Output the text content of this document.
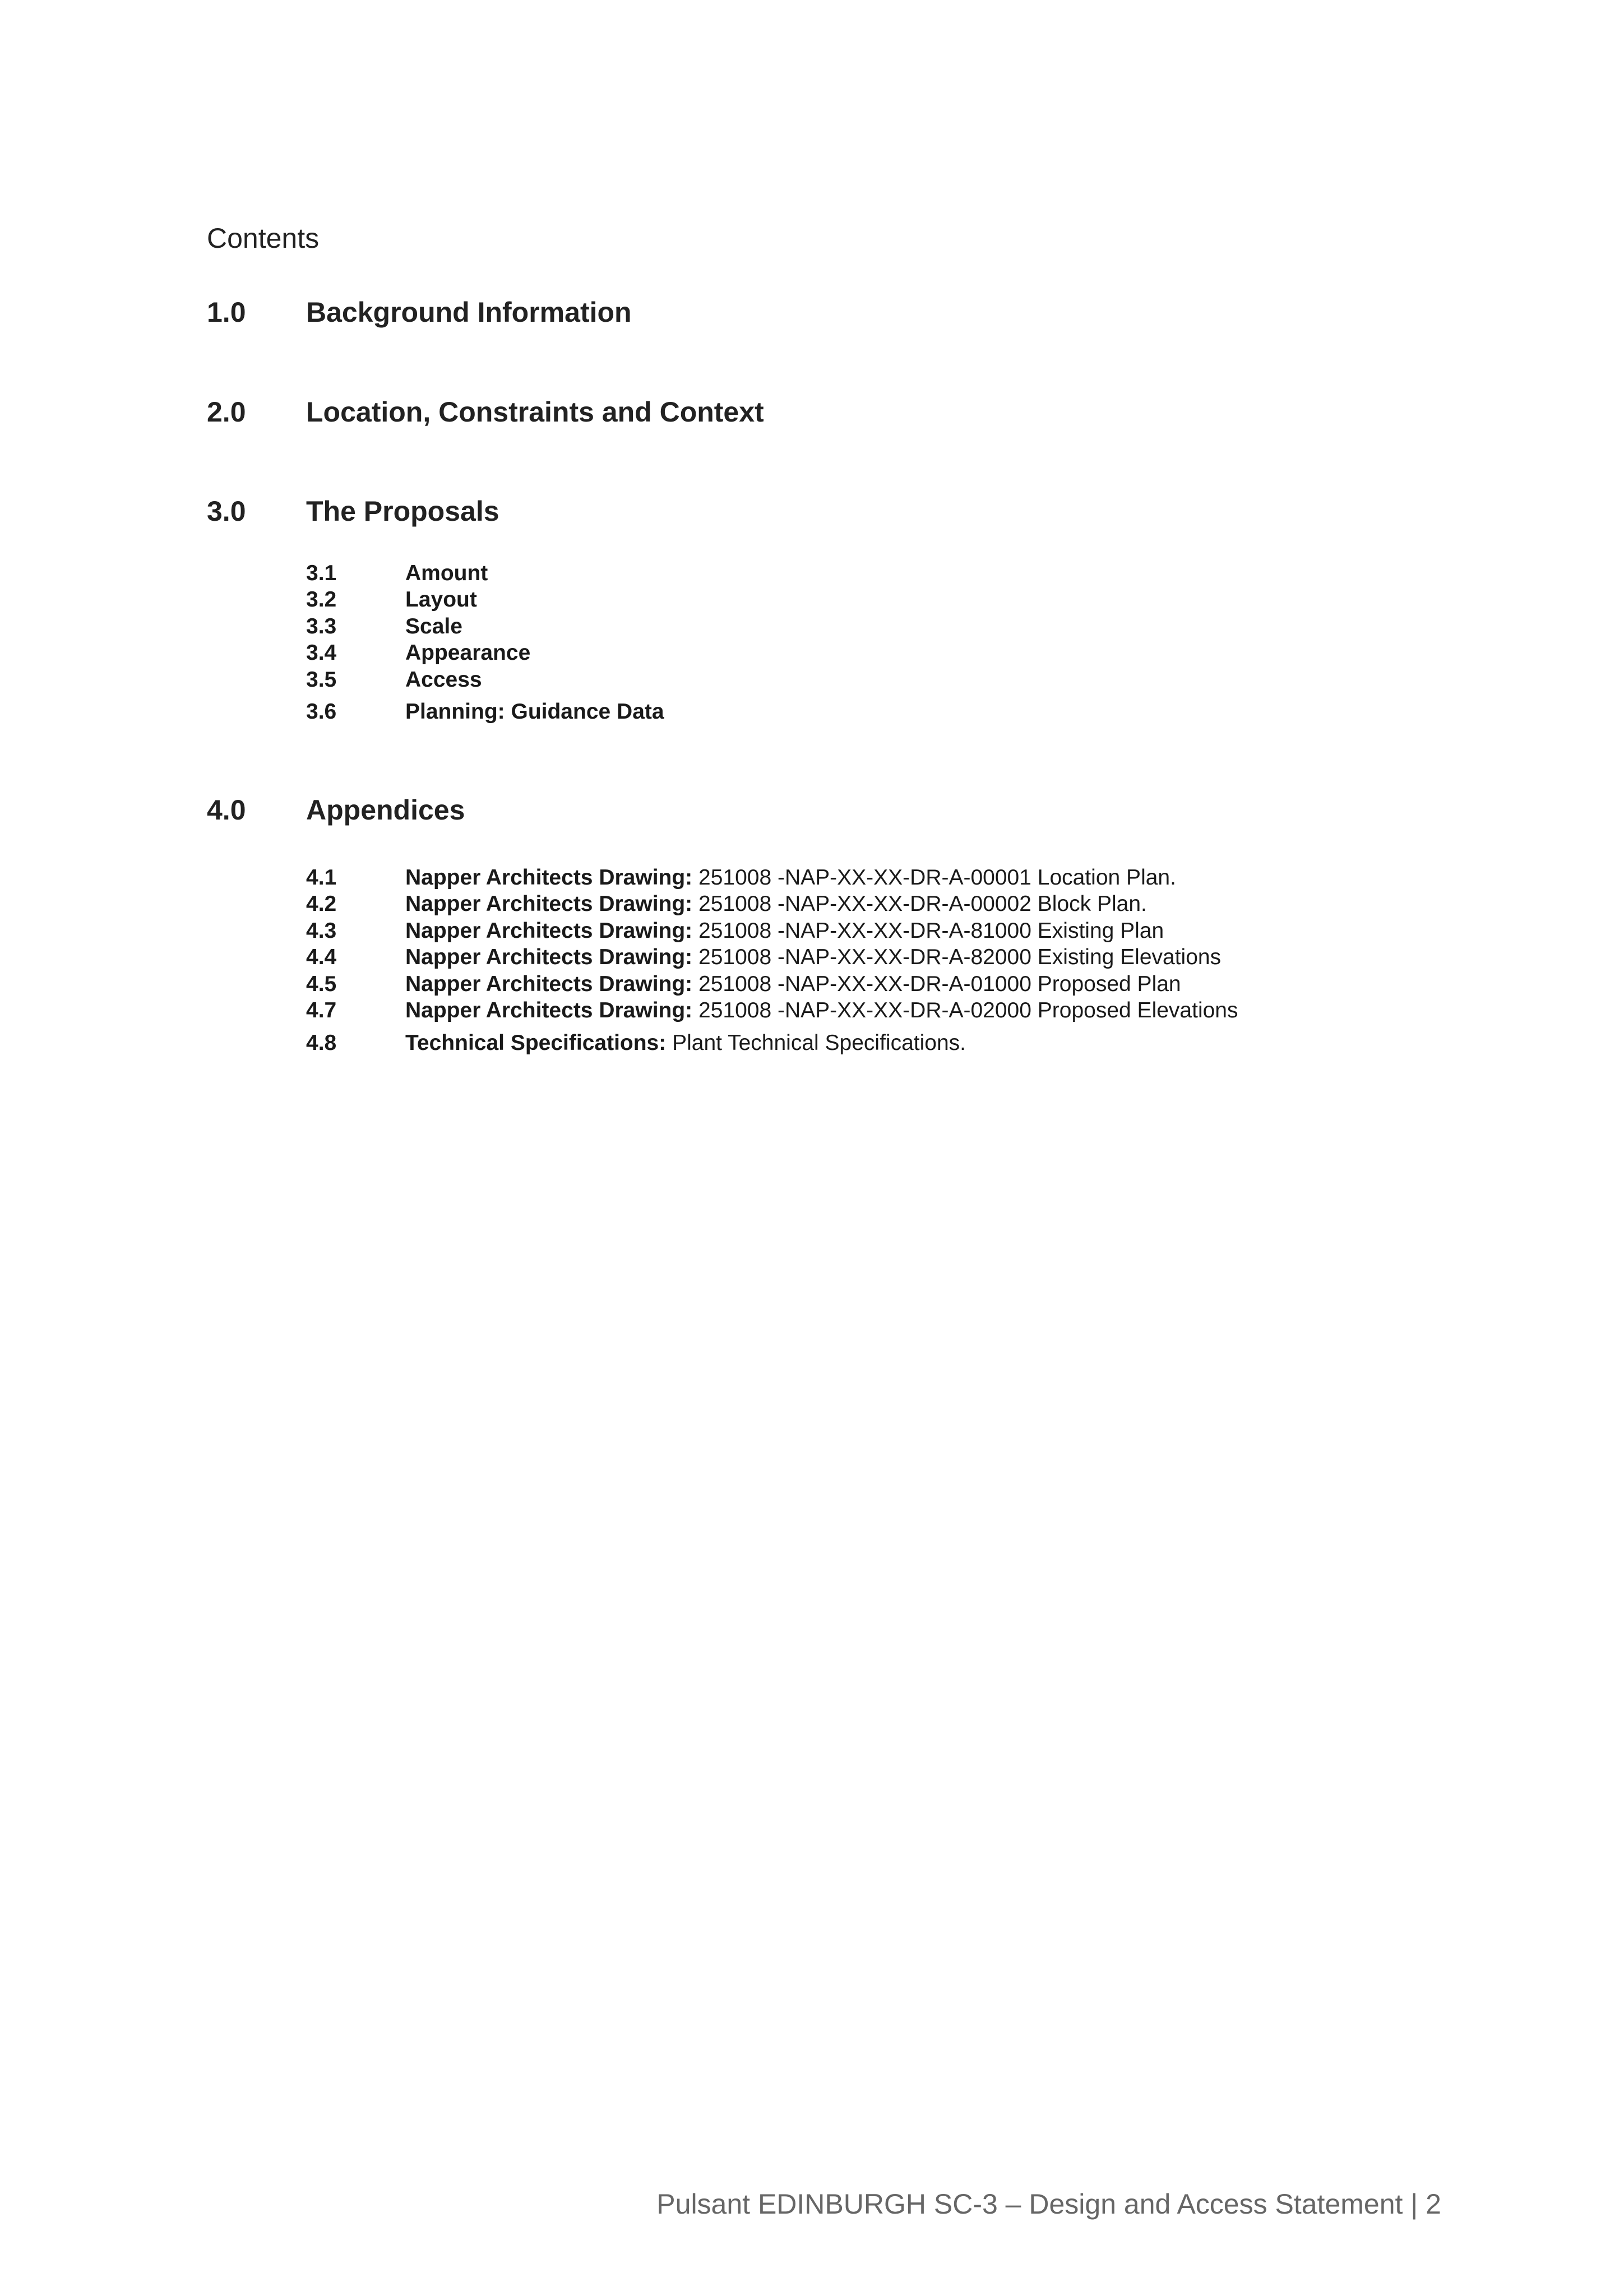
Contents
1.0 Background Information
2.0 Location, Constraints and Context
3.0 The Proposals
3.1	Amount
3.2	Layout
3.3	Scale
3.4	Appearance
3.5	Access
3.6	Planning: Guidance Data
4.0 Appendices
4.1	Napper Architects Drawing: 251008 -NAP-XX-XX-DR-A-00001 Location Plan.
4.2	Napper Architects Drawing: 251008 -NAP-XX-XX-DR-A-00002 Block Plan.
4.3	Napper Architects Drawing: 251008 -NAP-XX-XX-DR-A-81000 Existing Plan
4.4	Napper Architects Drawing: 251008 -NAP-XX-XX-DR-A-82000 Existing Elevations
4.5	Napper Architects Drawing: 251008 -NAP-XX-XX-DR-A-01000 Proposed Plan
4.7	Napper Architects Drawing: 251008 -NAP-XX-XX-DR-A-02000 Proposed Elevations
4.8	Technical Specifications: Plant Technical Specifications.
Pulsant EDINBURGH SC-3 – Design and Access Statement | 2
